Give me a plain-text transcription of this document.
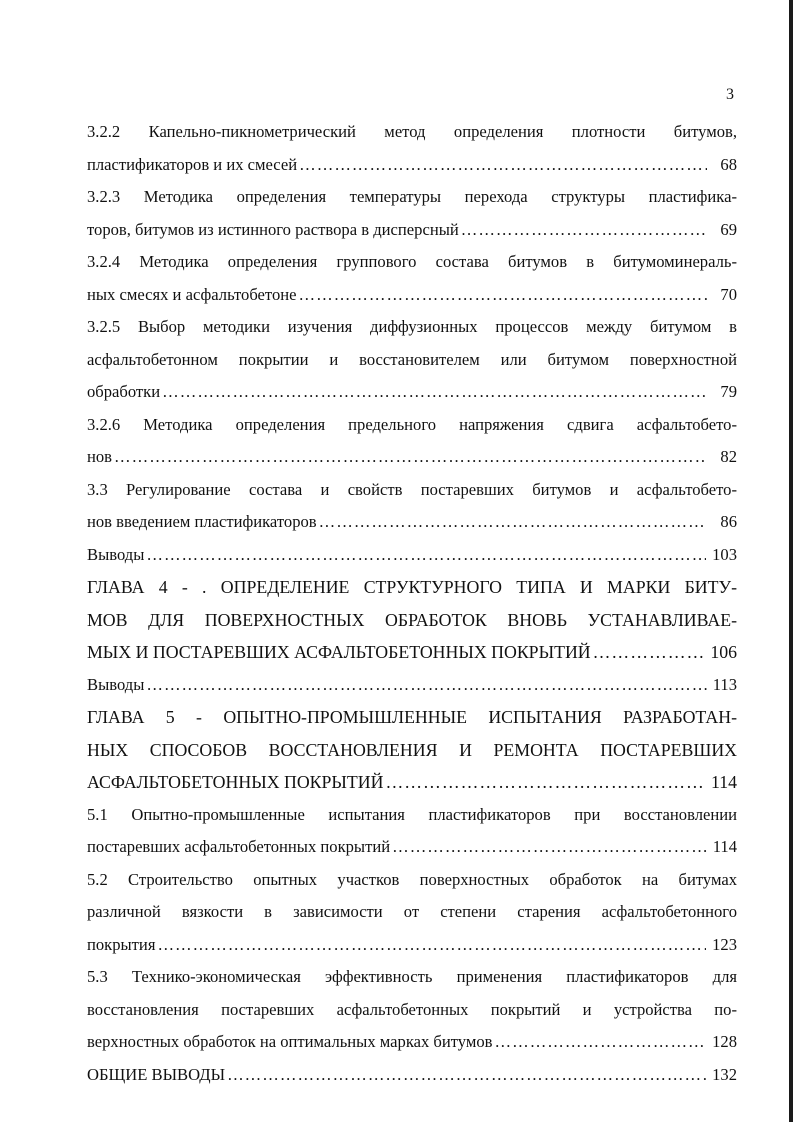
3
3.2.2 Капельно-пикнометрический метод определения плотности битумов,
пластификаторов и их смесей …………………………………………………………………………………………………………………………………………………………	68
3.2.3 Методика определения температуры перехода структуры пластифика-
торов, битумов из истинного раствора в дисперсный …………………………………………………………………………………………………………………………………………………………	69
3.2.4 Методика определения группового состава битумов в битумоминераль-
ных смесях и асфальтобетоне …………………………………………………………………………………………………………………………………………………………	70
3.2.5 Выбор методики изучения диффузионных процессов между битумом в
асфальтобетонном покрытии и восстановителем или битумом поверхностной
обработки …………………………………………………………………………………………………………………………………………………………	79
3.2.6 Методика определения предельного напряжения сдвига асфальтобето-
нов …………………………………………………………………………………………………………………………………………………………	82
3.3 Регулирование состава и свойств постаревших битумов и асфальтобето-
нов введением пластификаторов …………………………………………………………………………………………………………………………………………………………	86
Выводы …………………………………………………………………………………………………………………………………………………………	103
ГЛАВА 4 - . ОПРЕДЕЛЕНИЕ СТРУКТУРНОГО ТИПА И МАРКИ БИТУ-
МОВ ДЛЯ ПОВЕРХНОСТНЫХ ОБРАБОТОК ВНОВЬ УСТАНАВЛИВАЕ-
МЫХ И ПОСТАРЕВШИХ АСФАЛЬТОБЕТОННЫХ ПОКРЫТИЙ …………………………………………………………………………………………………………………………………………………………	106
Выводы …………………………………………………………………………………………………………………………………………………………	113
ГЛАВА 5 - ОПЫТНО-ПРОМЫШЛЕННЫЕ ИСПЫТАНИЯ РАЗРАБОТАН-
НЫХ СПОСОБОВ ВОССТАНОВЛЕНИЯ И РЕМОНТА ПОСТАРЕВШИХ
АСФАЛЬТОБЕТОННЫХ ПОКРЫТИЙ …………………………………………………………………………………………………………………………………………………………	114
5.1 Опытно-промышленные испытания пластификаторов при восстановлении
постаревших асфальтобетонных покрытий …………………………………………………………………………………………………………………………………………………………	114
5.2 Строительство опытных участков поверхностных обработок на битумах
различной вязкости в зависимости от степени старения асфальтобетонного
покрытия …………………………………………………………………………………………………………………………………………………………	123
5.3 Технико-экономическая эффективность применения пластификаторов для
восстановления постаревших асфальтобетонных покрытий и устройства по-
верхностных обработок на оптимальных марках битумов …………………………………………………………………………………………………………………………………………………………	128
ОБЩИЕ ВЫВОДЫ …………………………………………………………………………………………………………………………………………………………	132
